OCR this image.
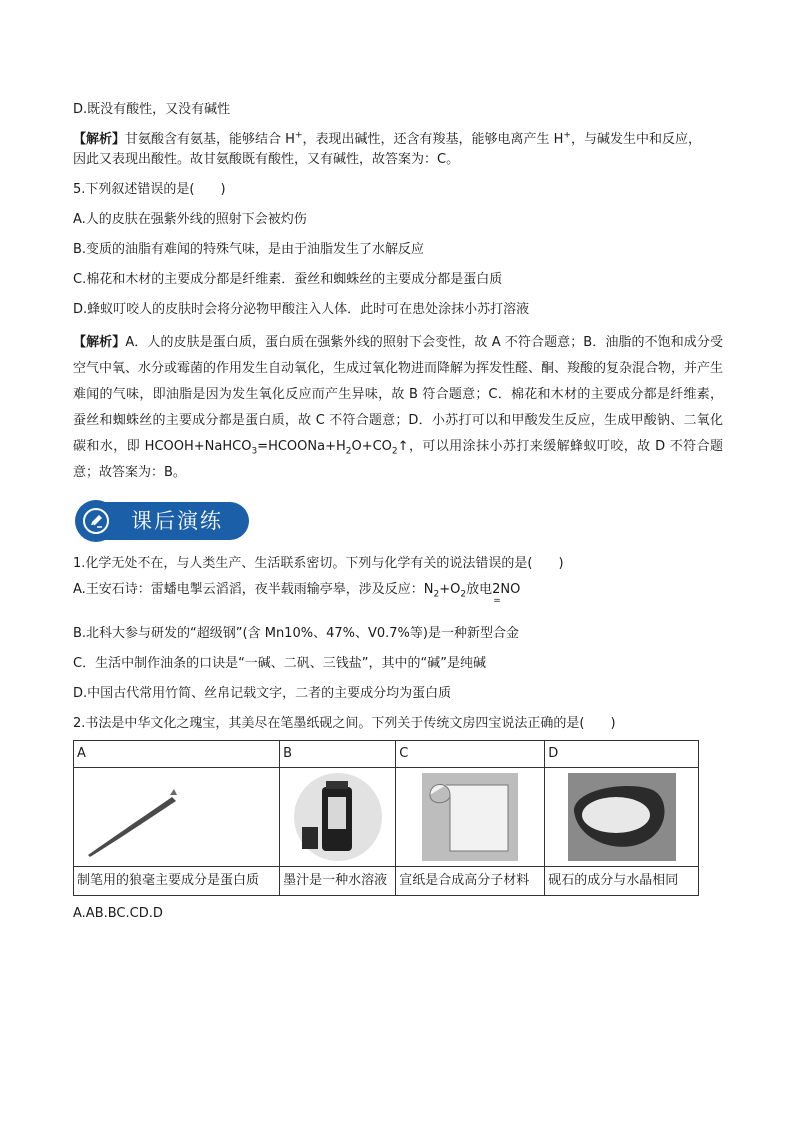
D.既没有酸性，又没有碱性

【解析】甘氨酸含有氨基，能够结合 H+，表现出碱性，还含有羧基，能够电离产生 H+，与碱发生中和反应，
因此又表现出酸性。故甘氨酸既有酸性，又有碱性，故答案为：C。

5.下列叙述错误的是(　　)

A.人的皮肤在强紫外线的照射下会被灼伤

B.变质的油脂有难闻的特殊气味，是由于油脂发生了水解反应

C.棉花和木材的主要成分都是纤维素．蚕丝和蜘蛛丝的主要成分都是蛋白质

D.蜂蚁叮咬人的皮肤时会将分泌物甲酸注入人体．此时可在患处涂抹小苏打溶液

【解析】A．人的皮肤是蛋白质，蛋白质在强紫外线的照射下会变性，故 A 不符合题意；B．油脂的不饱和成分受空气中氧、水分或霉菌的作用发生自动氧化，生成过氧化物进而降解为挥发性醛、酮、羧酸的复杂混合物，并产生难闻的气味，即油脂是因为发生氧化反应而产生异味，故 B 符合题意；C．棉花和木材的主要成分都是纤维素，蚕丝和蜘蛛丝的主要成分都是蛋白质，故 C 不符合题意；D．小苏打可以和甲酸发生反应，生成甲酸钠、二氧化碳和水，即 $HCOOH+NaHCO_3=HCOONa+H_2O+CO_2↑$，可以用涂抹小苏打来缓解蜂蚁叮咬，故 D 不符合题意；故答案为：B。

课后演练

1.化学无处不在，与人类生产、生活联系密切。下列与化学有关的说法错误的是(　　)

A.王安石诗：雷蟠电掣云滔滔，夜半载雨输亭皋，涉及反应：$N_2+O_2$放电2NO
=

B.北科大参与研发的“超级钢”(含 Mn10%、47%、V0.7%等)是一种新型合金

C．生活中制作油条的口诀是“一碱、二矾、三钱盐”，其中的“碱”是纯碱

D.中国古代常用竹简、丝帛记载文字，二者的主要成分均为蛋白质

2.书法是中华文化之瑰宝，其美尽在笔墨纸砚之间。下列关于传统文房四宝说法正确的是(　　)

A	B	C	D

制笔用的狼毫主要成分是蛋白质	墨汁是一种水溶液	宣纸是合成高分子材料	砚石的成分与水晶相同

A.AB.BC.CD.D
